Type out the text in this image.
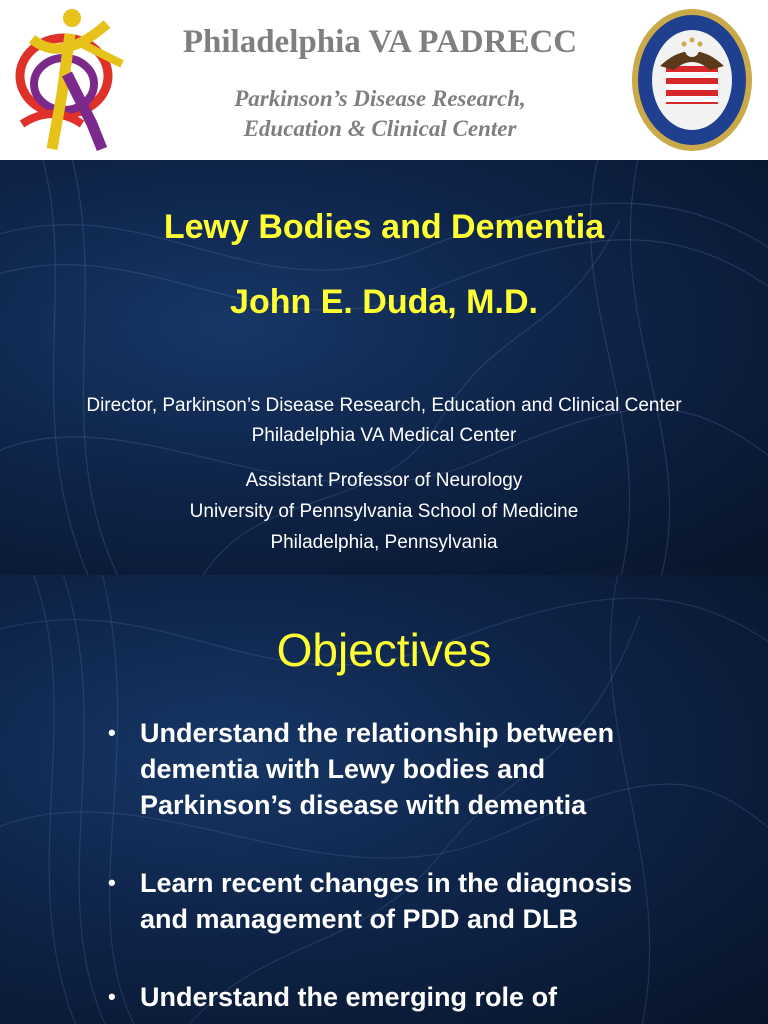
Philadelphia VA PADRECC
Parkinson’s Disease Research,
Education & Clinical Center
Lewy Bodies and Dementia
John E. Duda, M.D.
Director, Parkinson’s Disease Research, Education and Clinical Center
Philadelphia VA Medical Center
Assistant Professor of Neurology
University of Pennsylvania School of Medicine
Philadelphia, Pennsylvania
Objectives
• Understand the relationship between
dementia with Lewy bodies and
Parkinson’s disease with dementia
• Learn recent changes in the diagnosis
and management of PDD and DLB
• Understand the emerging role of
